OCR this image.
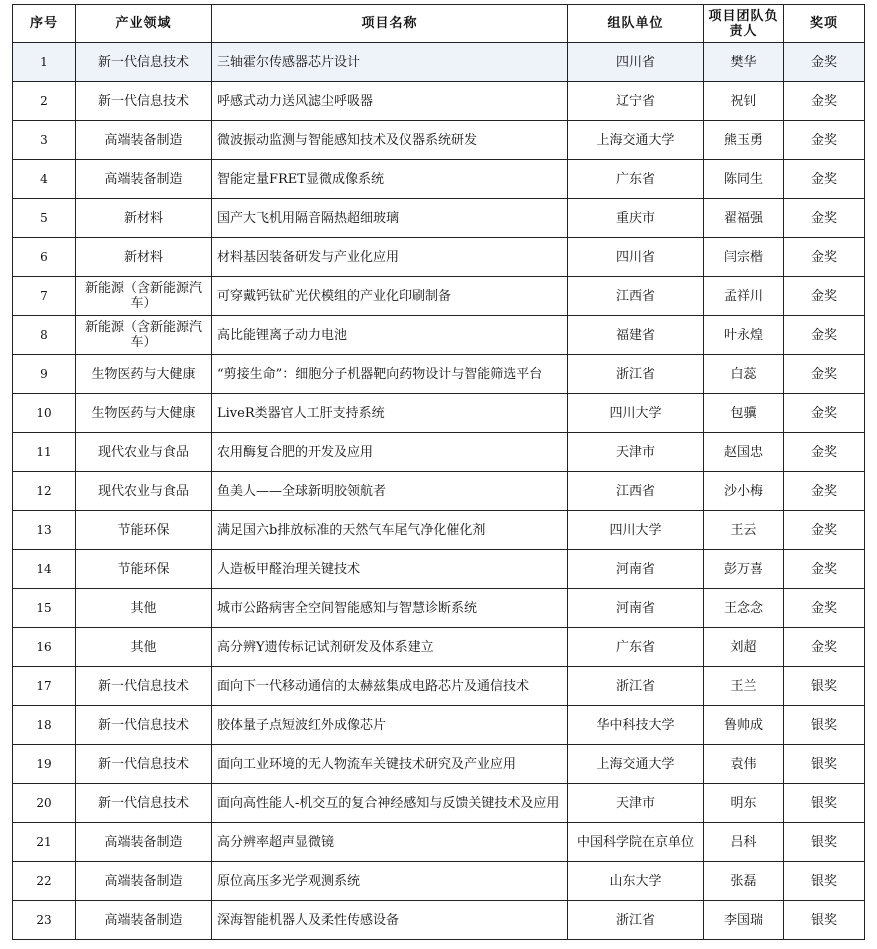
序号	产业领域	项目名称	组队单位	项目团队负责人	奖项
1	新一代信息技术	三轴霍尔传感器芯片设计	四川省	樊华	金奖
2	新一代信息技术	呼感式动力送风滤尘呼吸器	辽宁省	祝钊	金奖
3	高端装备制造	微波振动监测与智能感知技术及仪器系统研发	上海交通大学	熊玉勇	金奖
4	高端装备制造	智能定量FRET显微成像系统	广东省	陈同生	金奖
5	新材料	国产大飞机用隔音隔热超细玻璃	重庆市	翟福强	金奖
6	新材料	材料基因装备研发与产业化应用	四川省	闫宗楷	金奖
7	新能源（含新能源汽车）	可穿戴钙钛矿光伏模组的产业化印刷制备	江西省	孟祥川	金奖
8	新能源（含新能源汽车）	高比能锂离子动力电池	福建省	叶永煌	金奖
9	生物医药与大健康	“剪接生命”：细胞分子机器靶向药物设计与智能筛选平台	浙江省	白蕊	金奖
10	生物医药与大健康	LiveR类器官人工肝支持系统	四川大学	包骥	金奖
11	现代农业与食品	农用酶复合肥的开发及应用	天津市	赵国忠	金奖
12	现代农业与食品	鱼美人——全球新明胶领航者	江西省	沙小梅	金奖
13	节能环保	满足国六b排放标准的天然气车尾气净化催化剂	四川大学	王云	金奖
14	节能环保	人造板甲醛治理关键技术	河南省	彭万喜	金奖
15	其他	城市公路病害全空间智能感知与智慧诊断系统	河南省	王念念	金奖
16	其他	高分辨Y遗传标记试剂研发及体系建立	广东省	刘超	金奖
17	新一代信息技术	面向下一代移动通信的太赫兹集成电路芯片及通信技术	浙江省	王兰	银奖
18	新一代信息技术	胶体量子点短波红外成像芯片	华中科技大学	鲁帅成	银奖
19	新一代信息技术	面向工业环境的无人物流车关键技术研究及产业应用	上海交通大学	袁伟	银奖
20	新一代信息技术	面向高性能人-机交互的复合神经感知与反馈关键技术及应用	天津市	明东	银奖
21	高端装备制造	高分辨率超声显微镜	中国科学院在京单位	吕科	银奖
22	高端装备制造	原位高压多光学观测系统	山东大学	张磊	银奖
23	高端装备制造	深海智能机器人及柔性传感设备	浙江省	李国瑞	银奖
